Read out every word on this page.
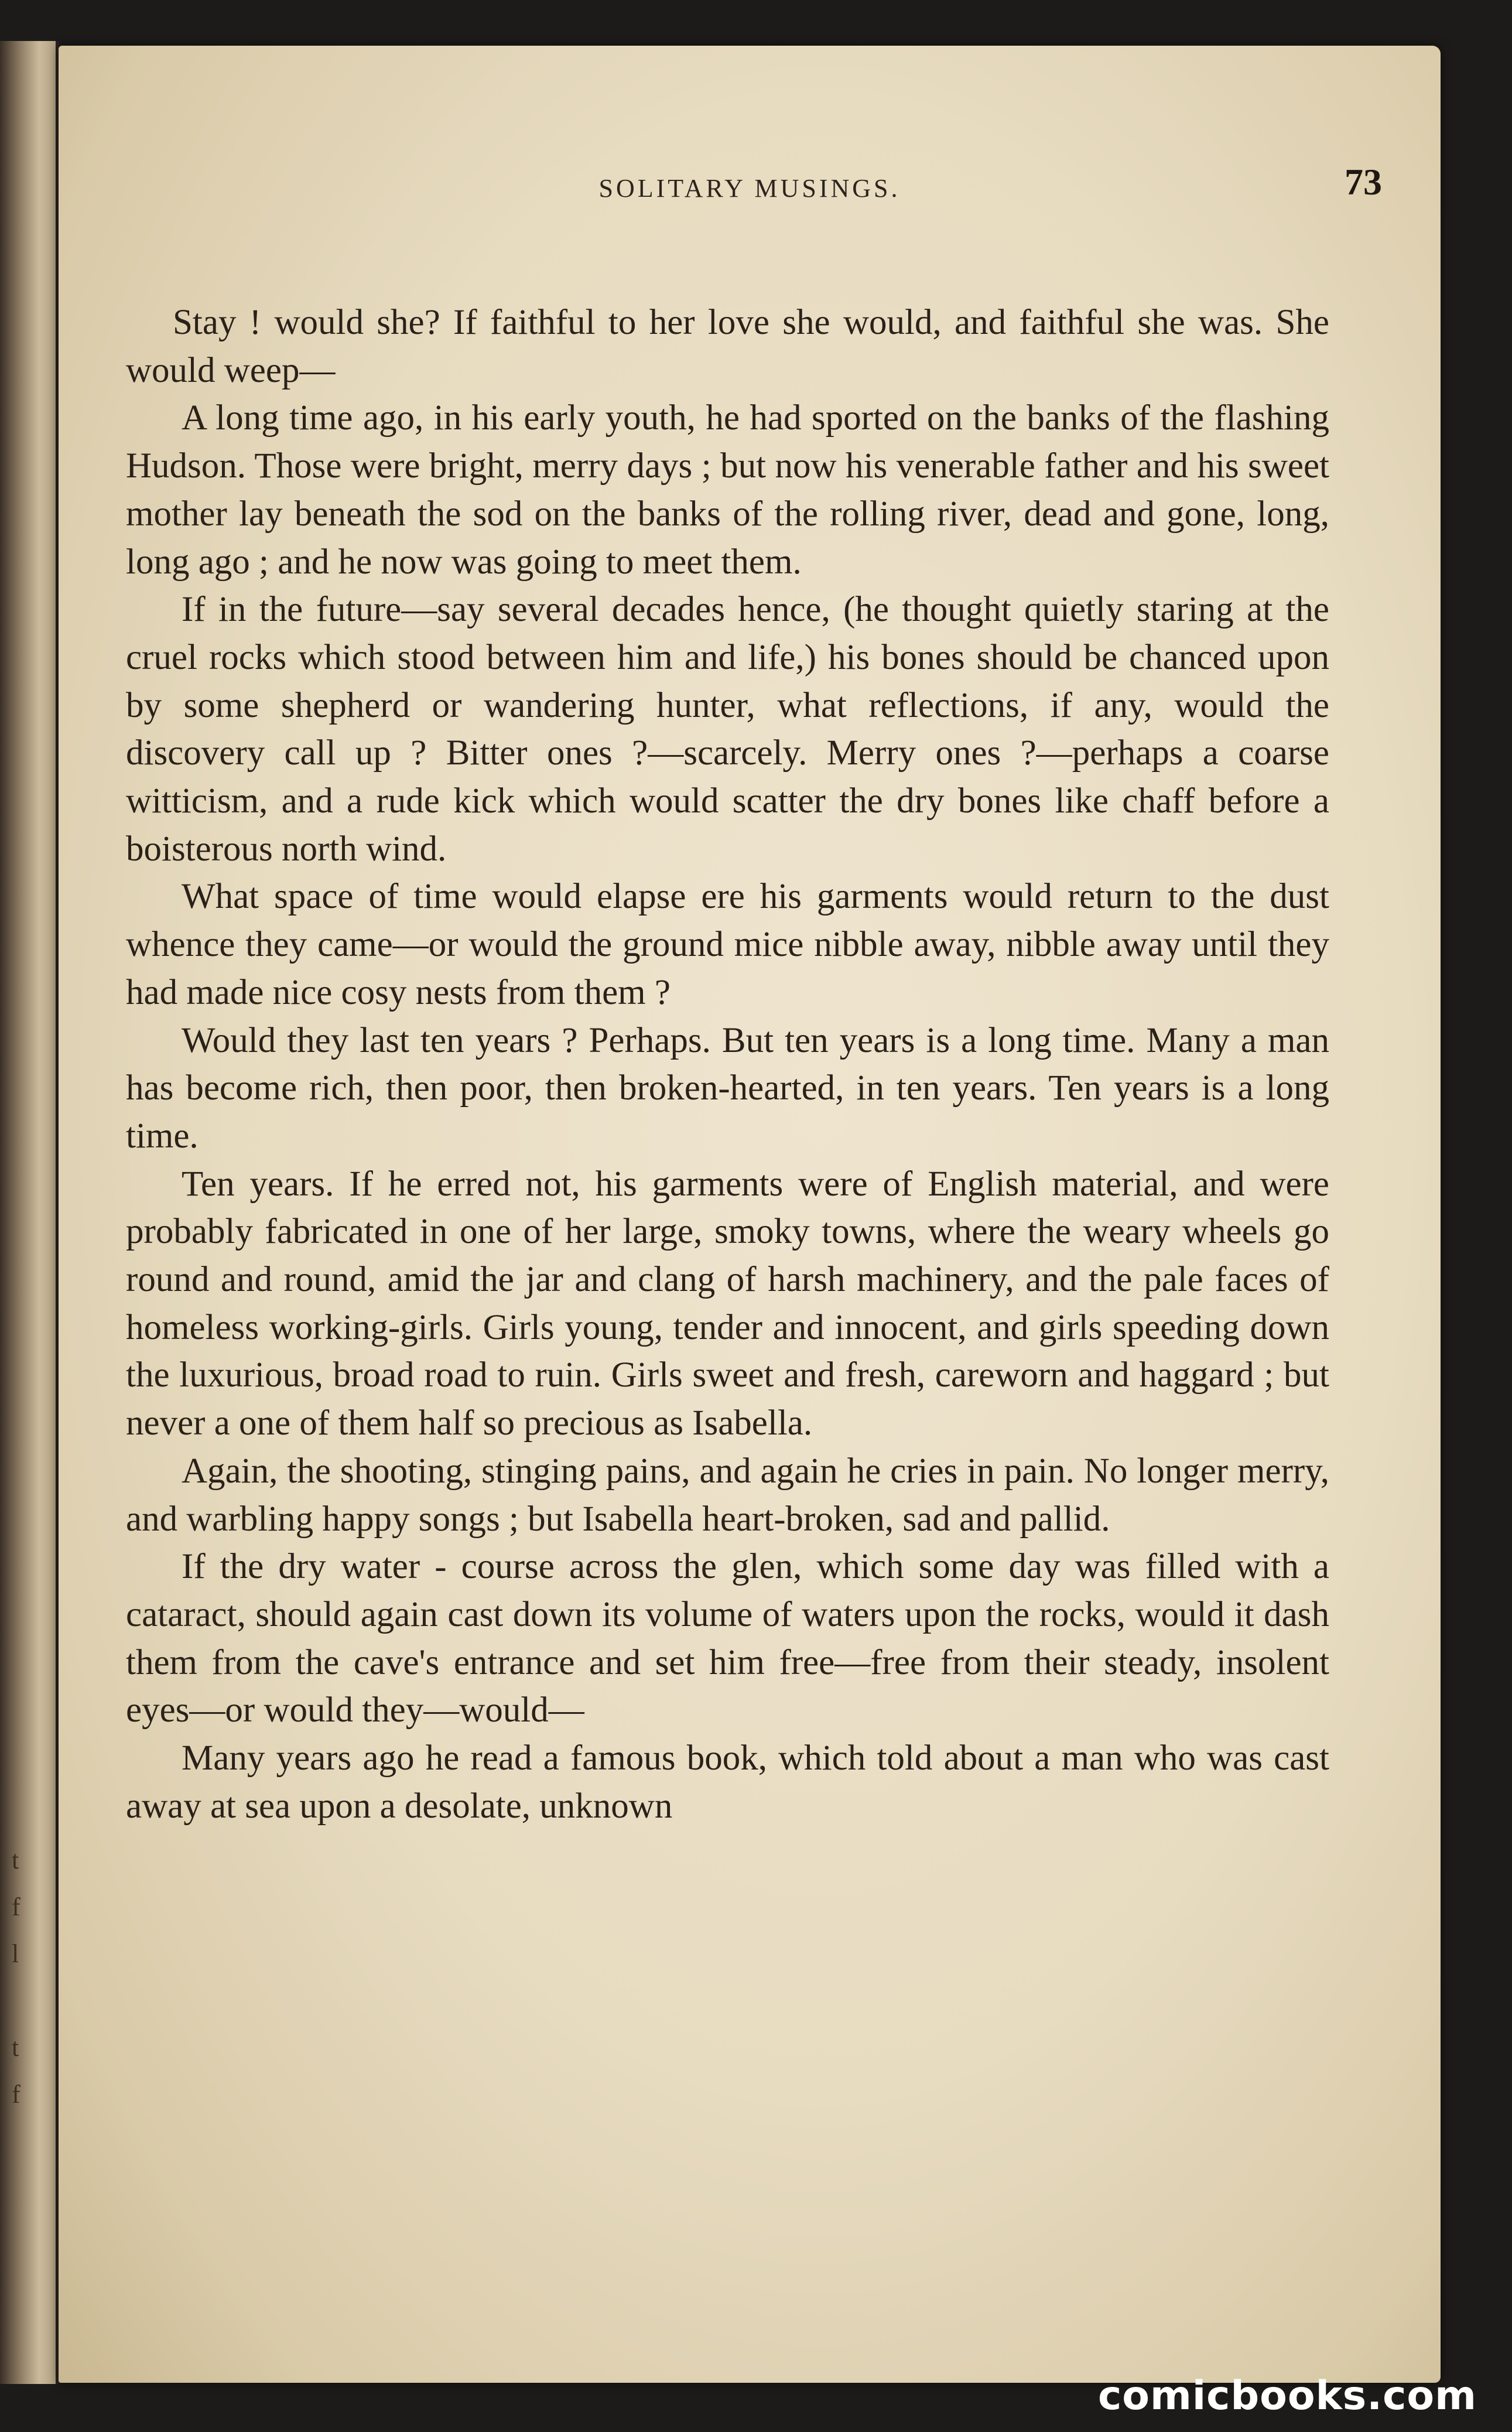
t
f
l
t
f
SOLITARY MUSINGS.	73

Stay ! would she? If faithful to her love she would, and faithful she was. She would weep—

A long time ago, in his early youth, he had sported on the banks of the flashing Hudson. Those were bright, merry days ; but now his venerable father and his sweet mother lay beneath the sod on the banks of the rolling river, dead and gone, long, long ago ; and he now was going to meet them.

If in the future—say several decades hence, (he thought quietly staring at the cruel rocks which stood between him and life,) his bones should be chanced upon by some shepherd or wandering hunter, what reflections, if any, would the discovery call up ? Bitter ones ?—scarcely. Merry ones ?—perhaps a coarse witticism, and a rude kick which would scatter the dry bones like chaff before a boisterous north wind.

What space of time would elapse ere his garments would return to the dust whence they came—or would the ground mice nibble away, nibble away until they had made nice cosy nests from them ?

Would they last ten years ? Perhaps. But ten years is a long time. Many a man has become rich, then poor, then broken-hearted, in ten years. Ten years is a long time.

Ten years. If he erred not, his garments were of English material, and were probably fabricated in one of her large, smoky towns, where the weary wheels go round and round, amid the jar and clang of harsh machinery, and the pale faces of homeless working-girls. Girls young, tender and innocent, and girls speeding down the luxurious, broad road to ruin. Girls sweet and fresh, careworn and haggard ; but never a one of them half so precious as Isabella.

Again, the shooting, stinging pains, and again he cries in pain. No longer merry, and warbling happy songs ; but Isabella heart-broken, sad and pallid.

If the dry water - course across the glen, which some day was filled with a cataract, should again cast down its volume of waters upon the rocks, would it dash them from the cave's entrance and set him free—free from their steady, insolent eyes—or would they—would—

Many years ago he read a famous book, which told about a man who was cast away at sea upon a desolate, unknown

comicbooks.com
